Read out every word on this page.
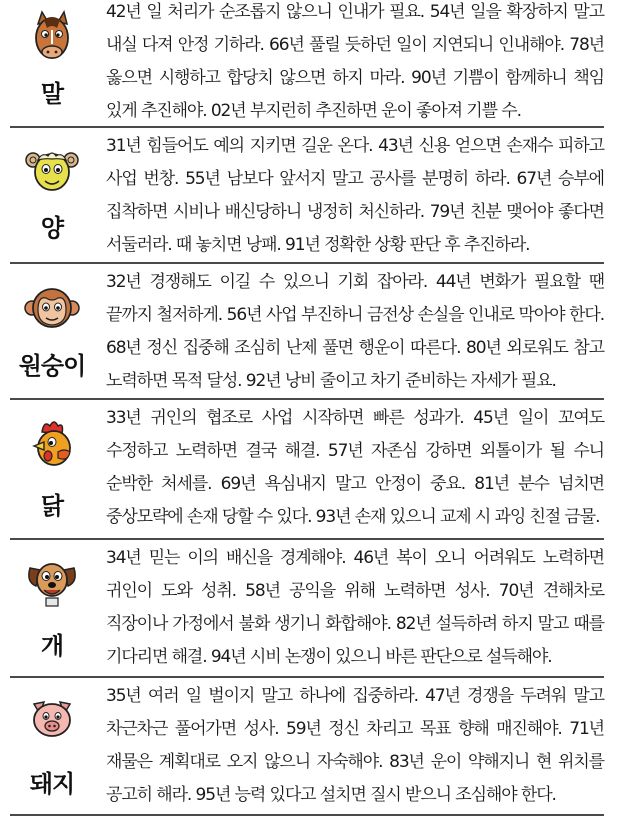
말

42년 일 처리가 순조롭지 않으니 인내가 필요. 54년 일을 확장하지 말고 내실 다져 안정 기하라. 66년 풀릴 듯하던 일이 지연되니 인내해야. 78년 옳으면 시행하고 합당치 않으면 하지 마라. 90년 기쁨이 함께하니 책임 있게 추진해야. 02년 부지런히 추진하면 운이 좋아져 기쁠 수.

양

31년 힘들어도 예의 지키면 길운 온다. 43년 신용 얻으면 손재수 피하고 사업 번창. 55년 남보다 앞서지 말고 공사를 분명히 하라. 67년 승부에 집착하면 시비나 배신당하니 냉정히 처신하라. 79년 친분 맺어야 좋다면 서둘러라. 때 놓치면 낭패. 91년 정확한 상황 판단 후 추진하라.

원숭이

32년 경쟁해도 이길 수 있으니 기회 잡아라. 44년 변화가 필요할 땐 끝까지 철저하게. 56년 사업 부진하니 금전상 손실을 인내로 막아야 한다. 68년 정신 집중해 조심히 난제 풀면 행운이 따른다. 80년 외로워도 참고 노력하면 목적 달성. 92년 낭비 줄이고 차기 준비하는 자세가 필요.

닭

33년 귀인의 협조로 사업 시작하면 빠른 성과가. 45년 일이 꼬여도 수정하고 노력하면 결국 해결. 57년 자존심 강하면 외톨이가 될 수니 순박한 처세를. 69년 욕심내지 말고 안정이 중요. 81년 분수 넘치면 중상모략에 손재 당할 수 있다. 93년 손재 있으니 교제 시 과잉 친절 금물.

개

34년 믿는 이의 배신을 경계해야. 46년 복이 오니 어려워도 노력하면 귀인이 도와 성취. 58년 공익을 위해 노력하면 성사. 70년 견해차로 직장이나 가정에서 불화 생기니 화합해야. 82년 설득하려 하지 말고 때를 기다리면 해결. 94년 시비 논쟁이 있으니 바른 판단으로 설득해야.

돼지

35년 여러 일 벌이지 말고 하나에 집중하라. 47년 경쟁을 두려워 말고 차근차근 풀어가면 성사. 59년 정신 차리고 목표 향해 매진해야. 71년 재물은 계획대로 오지 않으니 자숙해야. 83년 운이 약해지니 현 위치를 공고히 해라. 95년 능력 있다고 설치면 질시 받으니 조심해야 한다.
